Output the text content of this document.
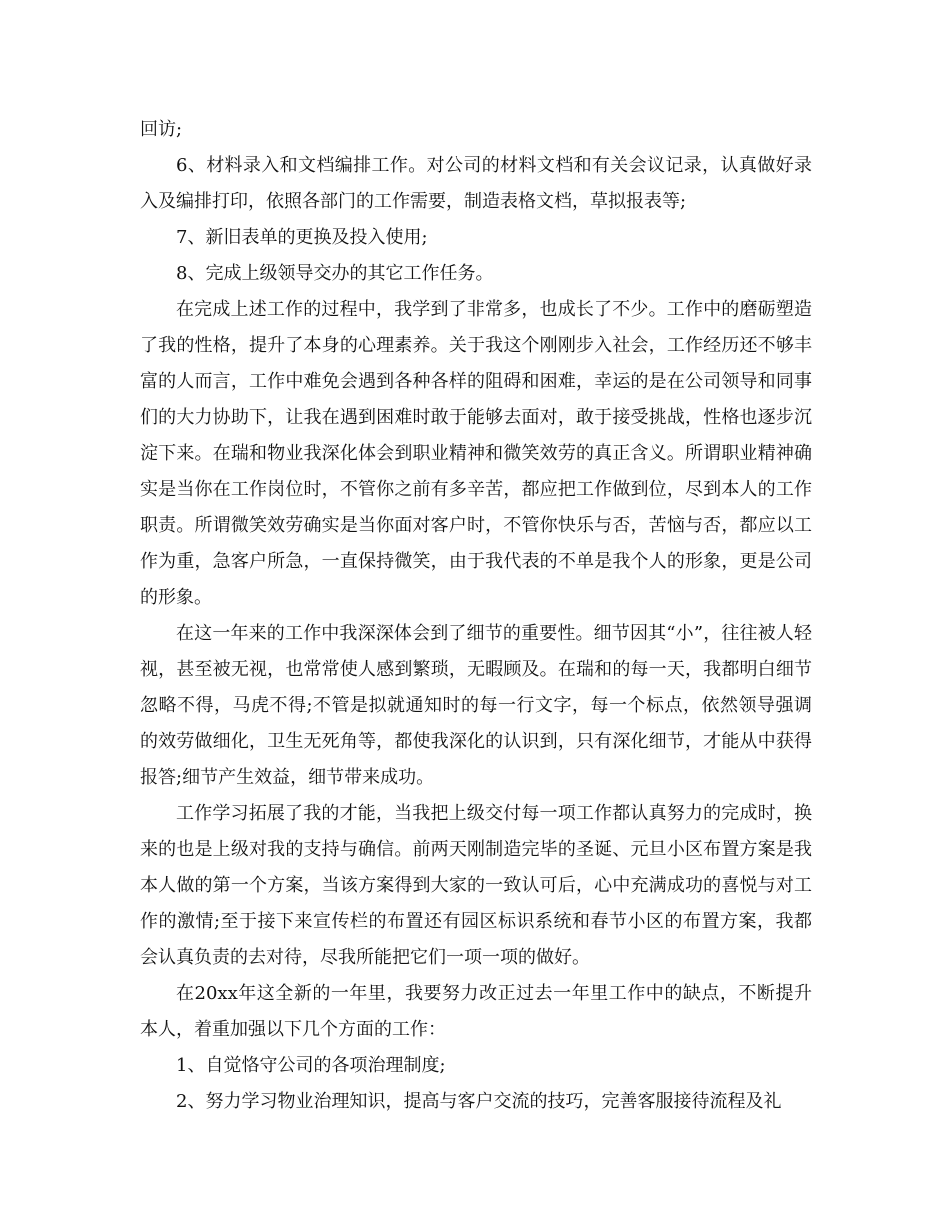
回访;

6、材料录入和文档编排工作。对公司的材料文档和有关会议记录，认真做好录入及编排打印，依照各部门的工作需要，制造表格文档，草拟报表等;

7、新旧表单的更换及投入使用;

8、完成上级领导交办的其它工作任务。

在完成上述工作的过程中，我学到了非常多，也成长了不少。工作中的磨砺塑造了我的性格，提升了本身的心理素养。关于我这个刚刚步入社会，工作经历还不够丰富的人而言，工作中难免会遇到各种各样的阻碍和困难，幸运的是在公司领导和同事们的大力协助下，让我在遇到困难时敢于能够去面对，敢于接受挑战，性格也逐步沉淀下来。在瑞和物业我深化体会到职业精神和微笑效劳的真正含义。所谓职业精神确实是当你在工作岗位时，不管你之前有多辛苦，都应把工作做到位，尽到本人的工作职责。所谓微笑效劳确实是当你面对客户时，不管你快乐与否，苦恼与否，都应以工作为重，急客户所急，一直保持微笑，由于我代表的不单是我个人的形象，更是公司的形象。

在这一年来的工作中我深深体会到了细节的重要性。细节因其“小”，往往被人轻视，甚至被无视，也常常使人感到繁琐，无暇顾及。在瑞和的每一天，我都明白细节忽略不得，马虎不得;不管是拟就通知时的每一行文字，每一个标点，依然领导强调的效劳做细化，卫生无死角等，都使我深化的认识到，只有深化细节，才能从中获得报答;细节产生效益，细节带来成功。

工作学习拓展了我的才能，当我把上级交付每一项工作都认真努力的完成时，换来的也是上级对我的支持与确信。前两天刚制造完毕的圣诞、元旦小区布置方案是我本人做的第一个方案，当该方案得到大家的一致认可后，心中充满成功的喜悦与对工作的激情;至于接下来宣传栏的布置还有园区标识系统和春节小区的布置方案，我都会认真负责的去对待，尽我所能把它们一项一项的做好。

在20xx年这全新的一年里，我要努力改正过去一年里工作中的缺点，不断提升本人，着重加强以下几个方面的工作：

1、自觉恪守公司的各项治理制度;

2、努力学习物业治理知识，提高与客户交流的技巧，完善客服接待流程及礼
